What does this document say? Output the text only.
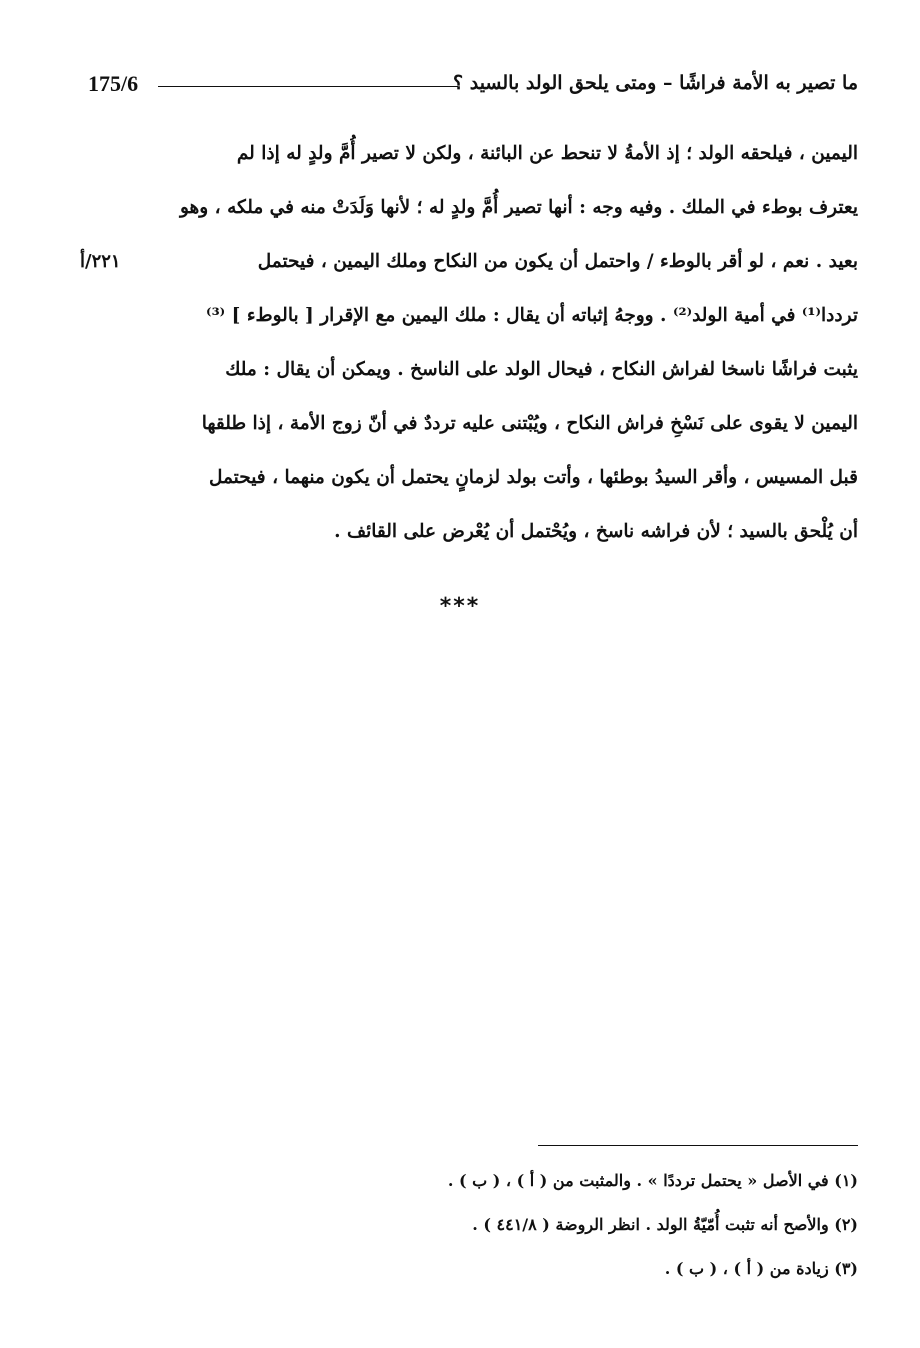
175/6	ما تصير به الأمة فراشًا – ومتى يلحق الولد بالسيد ؟
اليمين ، فيلحقه الولد ؛ إذ الأمةُ لا تنحط عن البائنة ، ولكن لا تصير أُمَّ ولدٍ له إذا لم
يعترف بوطء في الملك . وفيه وجه : أنها تصير أُمَّ ولدٍ له ؛ لأنها وَلَدَتْ منه في ملكه ، وهو
بعيد . نعم ، لو أقر بالوطء / واحتمل أن يكون من النكاح وملك اليمين ، فيحتمل
٢٢١/أ
ترددا⁽¹⁾ في أمية الولد⁽²⁾ . ووجهُ إثباته أن يقال : ملك اليمين مع الإقرار [ بالوطء ] ⁽³⁾
يثبت فراشًا ناسخا لفراش النكاح ، فيحال الولد على الناسخ . ويمكن أن يقال : ملك
اليمين لا يقوى على نَسْخِ فراش النكاح ، ويُبْتنى عليه ترددٌ في أنّ زوج الأمة ، إذا طلقها
قبل المسيس ، وأقر السيدُ بوطئها ، وأتت بولد لزمانٍ يحتمل أن يكون منهما ، فيحتمل
أن يُلْحق بالسيد ؛ لأن فراشه ناسخ ، ويُحْتمل أن يُعْرض على القائف .
***
(١) في الأصل « يحتمل ترددًا » . والمثبت من ( أ ) ، ( ب ) .
(٢) والأصح أنه تثبت أُمّيّةُ الولد . انظر الروضة ( ٤٤١/٨ ) .
(٣) زيادة من ( أ ) ، ( ب ) .
